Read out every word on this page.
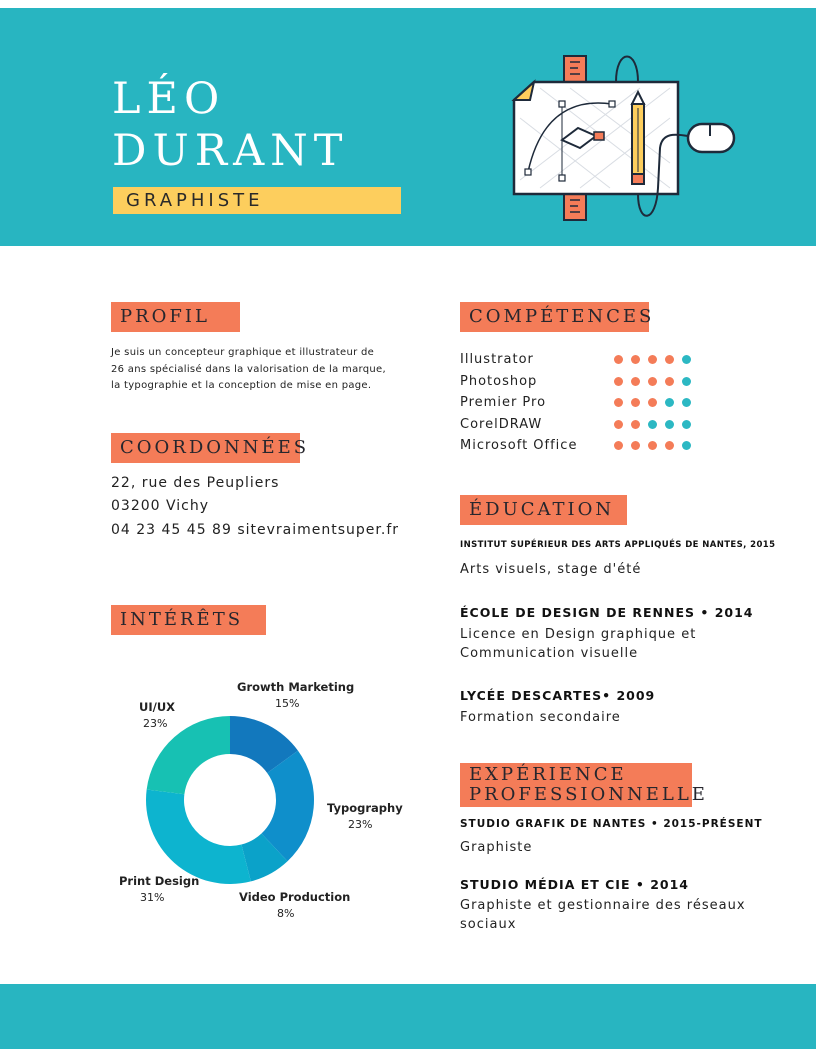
LÉO
DURANT
GRAPHISTE
PROFIL
Je suis un concepteur graphique et illustrateur de
26 ans spécialisé dans la valorisation de la marque,
la typographie et la conception de mise en page.
COORDONNÉES
22, rue des Peupliers
03200 Vichy
04 23 45 45 89 sitevraimentsuper.fr
INTÉRÊTS
Growth Marketing
15%
Typography
23%
Video Production
8%
Print Design
31%
UI/UX
23%
COMPÉTENCES
Illustrator
Photoshop
Premier Pro
CorelDRAW
Microsoft Office
ÉDUCATION
INSTITUT SUPÉRIEUR DES ARTS APPLIQUÉS DE NANTES, 2015
Arts visuels, stage d'été
ÉCOLE DE DESIGN DE RENNES • 2014
Licence en Design graphique et
Communication visuelle
LYCÉE DESCARTES• 2009
Formation secondaire
EXPÉRIENCE
PROFESSIONNELLE
STUDIO GRAFIK DE NANTES • 2015-PRÉSENT
Graphiste
STUDIO MÉDIA ET CIE • 2014
Graphiste et gestionnaire des réseaux
sociaux
